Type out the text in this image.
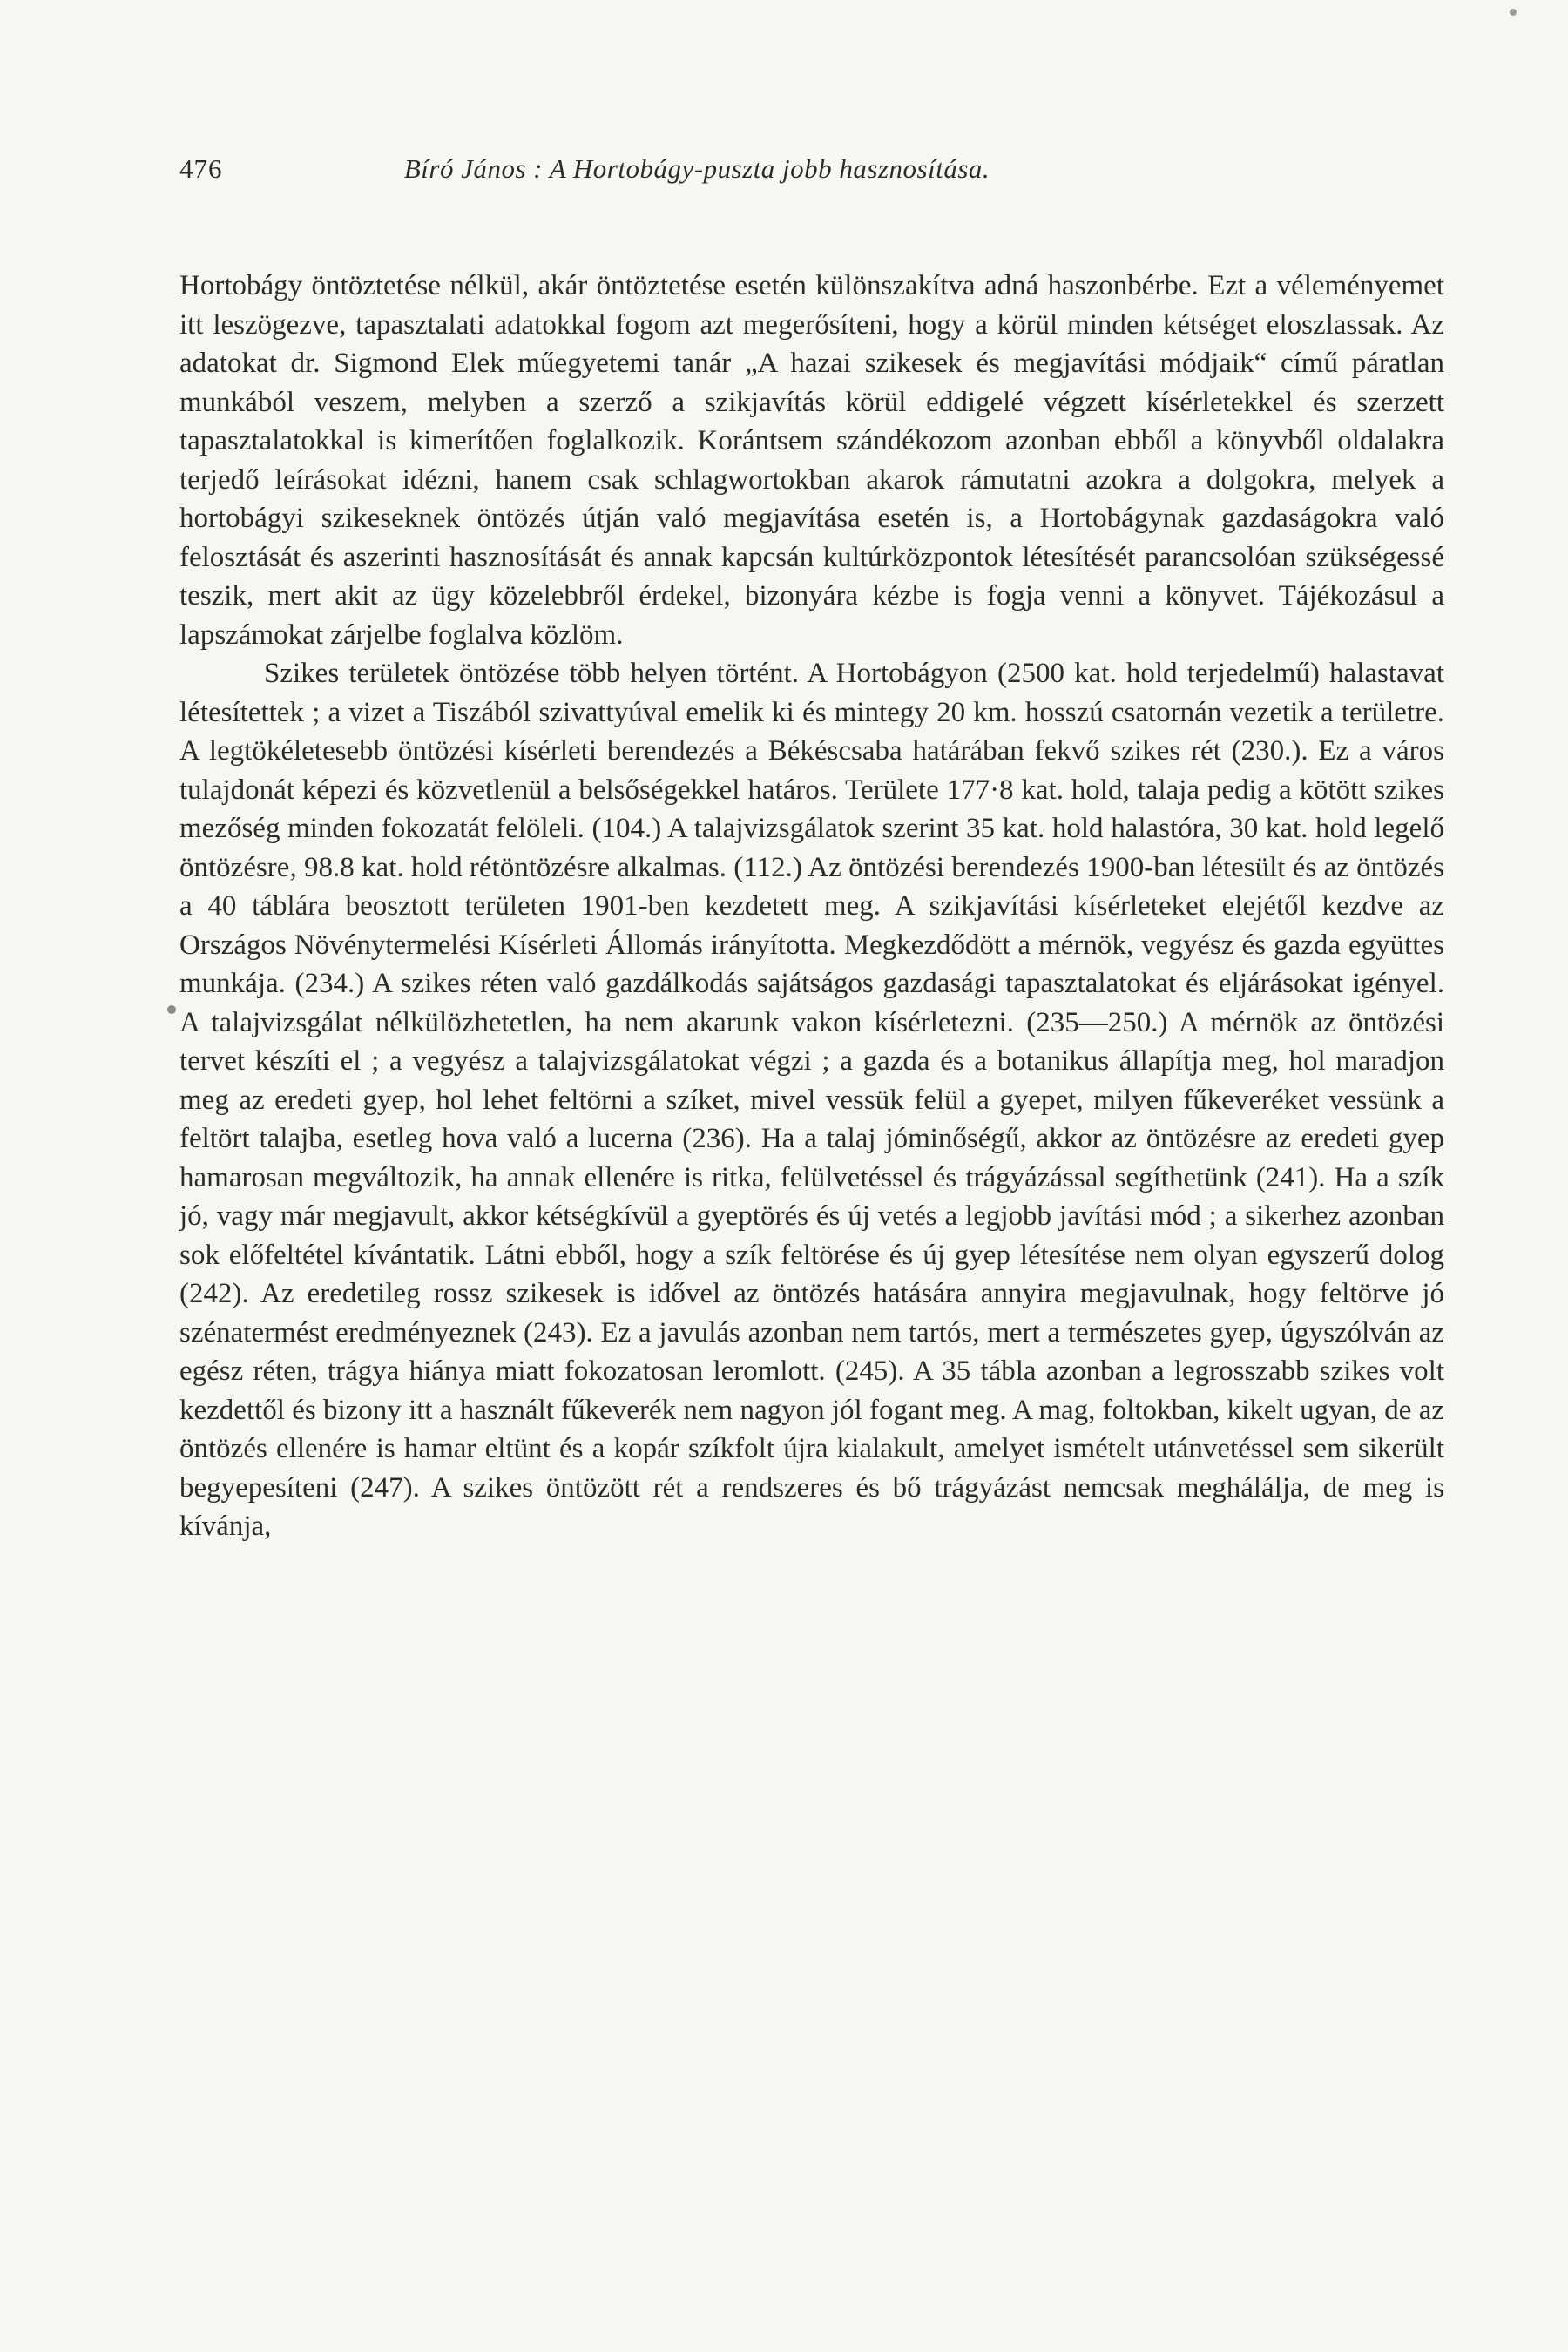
476	Bíró János : A Hortobágy-puszta jobb hasznosítása.

Hortobágy öntöztetése nélkül, akár öntöztetése esetén különszakítva adná haszonbérbe. Ezt a véleményemet itt leszögezve, tapasztalati adatokkal fogom azt megerősíteni, hogy a körül minden kétséget eloszlassak. Az adatokat dr. Sigmond Elek műegyetemi tanár „A hazai szikesek és megjavítási módjaik“ című páratlan munkából veszem, melyben a szerző a szikjavítás körül eddigelé végzett kísérletekkel és szerzett tapasztalatokkal is kimerítően foglalkozik. Korántsem szándékozom azonban ebből a könyvből oldalakra terjedő leírásokat idézni, hanem csak schlagwortokban akarok rámutatni azokra a dolgokra, melyek a hortobágyi szikeseknek öntözés útján való megjavítása esetén is, a Hortobágynak gazdaságokra való felosztását és aszerinti hasznosítását és annak kapcsán kultúrközpontok létesítését parancsolóan szükségessé teszik, mert akit az ügy közelebbről érdekel, bizonyára kézbe is fogja venni a könyvet. Tájékozásul a lapszámokat zárjelbe foglalva közlöm.

Szikes területek öntözése több helyen történt. A Hortobágyon (2500 kat. hold terjedelmű) halastavat létesítettek ; a vizet a Tiszából szivattyúval emelik ki és mintegy 20 km. hosszú csatornán vezetik a területre. A legtökéletesebb öntözési kísérleti berendezés a Békéscsaba határában fekvő szikes rét (230.). Ez a város tulajdonát képezi és közvetlenül a belsőségekkel határos. Területe 177·8 kat. hold, talaja pedig a kötött szikes mezőség minden fokozatát felöleli. (104.) A talajvizsgálatok szerint 35 kat. hold halastóra, 30 kat. hold legelő öntözésre, 98.8 kat. hold rétöntözésre alkalmas. (112.) Az öntözési berendezés 1900-ban létesült és az öntözés a 40 táblára beosztott területen 1901-ben kezdetett meg. A szikjavítási kísérleteket elejétől kezdve az Országos Növénytermelési Kísérleti Állomás irányította. Megkezdődött a mérnök, vegyész és gazda együttes munkája. (234.) A szikes réten való gazdálkodás sajátságos gazdasági tapasztalatokat és eljárásokat igényel. A talajvizsgálat nélkülözhetetlen, ha nem akarunk vakon kísérletezni. (235—250.) A mérnök az öntözési tervet készíti el ; a vegyész a talajvizsgálatokat végzi ; a gazda és a botanikus állapítja meg, hol maradjon meg az eredeti gyep, hol lehet feltörni a szíket, mivel vessük felül a gyepet, milyen fűkeveréket vessünk a feltört talajba, esetleg hova való a lucerna (236). Ha a talaj jóminőségű, akkor az öntözésre az eredeti gyep hamarosan megváltozik, ha annak ellenére is ritka, felülvetéssel és trágyázással segíthetünk (241). Ha a szík jó, vagy már megjavult, akkor kétségkívül a gyeptörés és új vetés a legjobb javítási mód ; a sikerhez azonban sok előfeltétel kívántatik. Látni ebből, hogy a szík feltörése és új gyep létesítése nem olyan egyszerű dolog (242). Az eredetileg rossz szikesek is idővel az öntözés hatására annyira megjavulnak, hogy feltörve jó szénatermést eredményeznek (243). Ez a javulás azonban nem tartós, mert a természetes gyep, úgyszólván az egész réten, trágya hiánya miatt fokozatosan leromlott. (245). A 35 tábla azonban a legrosszabb szikes volt kezdettől és bizony itt a használt fűkeverék nem nagyon jól fogant meg. A mag, foltokban, kikelt ugyan, de az öntözés ellenére is hamar eltünt és a kopár szíkfolt újra kialakult, amelyet ismételt utánvetéssel sem sikerült begyepesíteni (247). A szikes öntözött rét a rendszeres és bő trágyázást nemcsak meghálálja, de meg is kívánja,
